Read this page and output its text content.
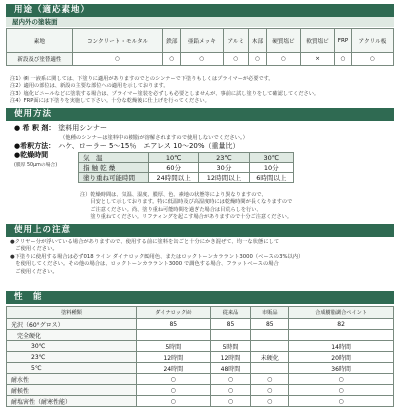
用途（適応素地）
屋内外の塗装面
素地	コンクリート・モルタル	鉄部	亜鉛メッキ	アルミ	木部	硬質塩ビ	軟質塩ビ	FRP	アクリル板
新設及び塗替適性	○	○	○	○	○	○	×	○	○
注1）㈱ 一液系に関しては、下塗りに適用がありますのでとのシンナーで下塗りもしくはプライマーが必要です。
注2）適用の部位は、新設の主要な部位への適用を示しております。
注3）塩化ビニールなどに塗装する場合は、プライマー塗装を必ずしも必要としませんが、事前に試し塗りをして確認してください。
注4）FRP面には下塗りを実施して下さい。十分な乾燥後に仕上げを行ってください。
使用方法
● 希 釈 剤： 塗料用シンナー
（他種のシンナーは塗料中の樹脂が溶解されますので使用しないでください。）
●希釈方法： ハケ、ローラー 5〜15％　エアレス 10〜20%（重量比）
●乾燥時間
(膜厚 50μmの場合)
気　温	10℃	23℃	30℃
指 触 乾 燥	60分	30分	10分
塗り重ね可能時間	24時間以上	12時間以上	6時間以上
注）乾燥時間は、気温、湿度、膜厚、色、素地の状態等により異なりますので、
　　目安として示しております。特に低温時及び高湿度時には乾燥時間が長くなりますので
　　ご注意ください。尚、塗り重ね可能時間を過ぎた場合は目荒らしを行い、
　　塗り重ねてください。リフティングを起こす場合がありますので十分ご注意ください。
使用上の注意
●クリヤー分が浮いている場合がありますので、使用する前に塗料を缶ごと十分にかき混ぜて、均一な状態にして
　ご使用ください。
●下塗りに使用する場合は必ず018 ライン ダイナロック㈼用色、またはロックトーンカララント3000（ベースの3%以内）
　を使用してください。その他の場合は、ロックトーンカララント3000 で調色する場合、フラットベースの場合
　ご使用ください。
性　能
塗料種類	ダイナロック㈽	従来品	市販品	合成樹脂調合ペイント
光沢（60°グロス）	85	85	85	82
完全硬化				
30℃	5時間	5時間		14時間
23℃	12時間	12時間	未硬化	20時間
5℃	24時間	48時間		36時間
耐水性	○	○	○	○
耐候性	○	○	○	○
耐塩害性（耐寒性能）	○	○	○	○
